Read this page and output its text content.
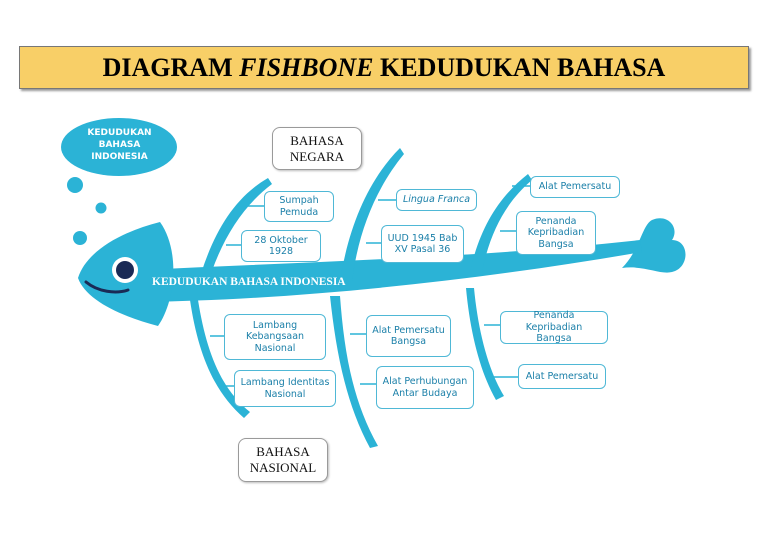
DIAGRAM FISHBONE KEDUDUKAN BAHASA
KEDUDUKAN
BAHASA
INDONESIA
KEDUDUKAN BAHASA INDONESIA
BAHASA
NEGARA
BAHASA
NASIONAL
Sumpah
Pemuda
28 Oktober
1928
Lingua Franca
UUD 1945 Bab
XV Pasal 36
Alat Pemersatu
Penanda
Kepribadian
Bangsa
Lambang
Kebangsaan
Nasional
Lambang Identitas
Nasional
Alat Pemersatu
Bangsa
Alat Perhubungan
Antar Budaya
Penanda Kepribadian
Bangsa
Alat Pemersatu
